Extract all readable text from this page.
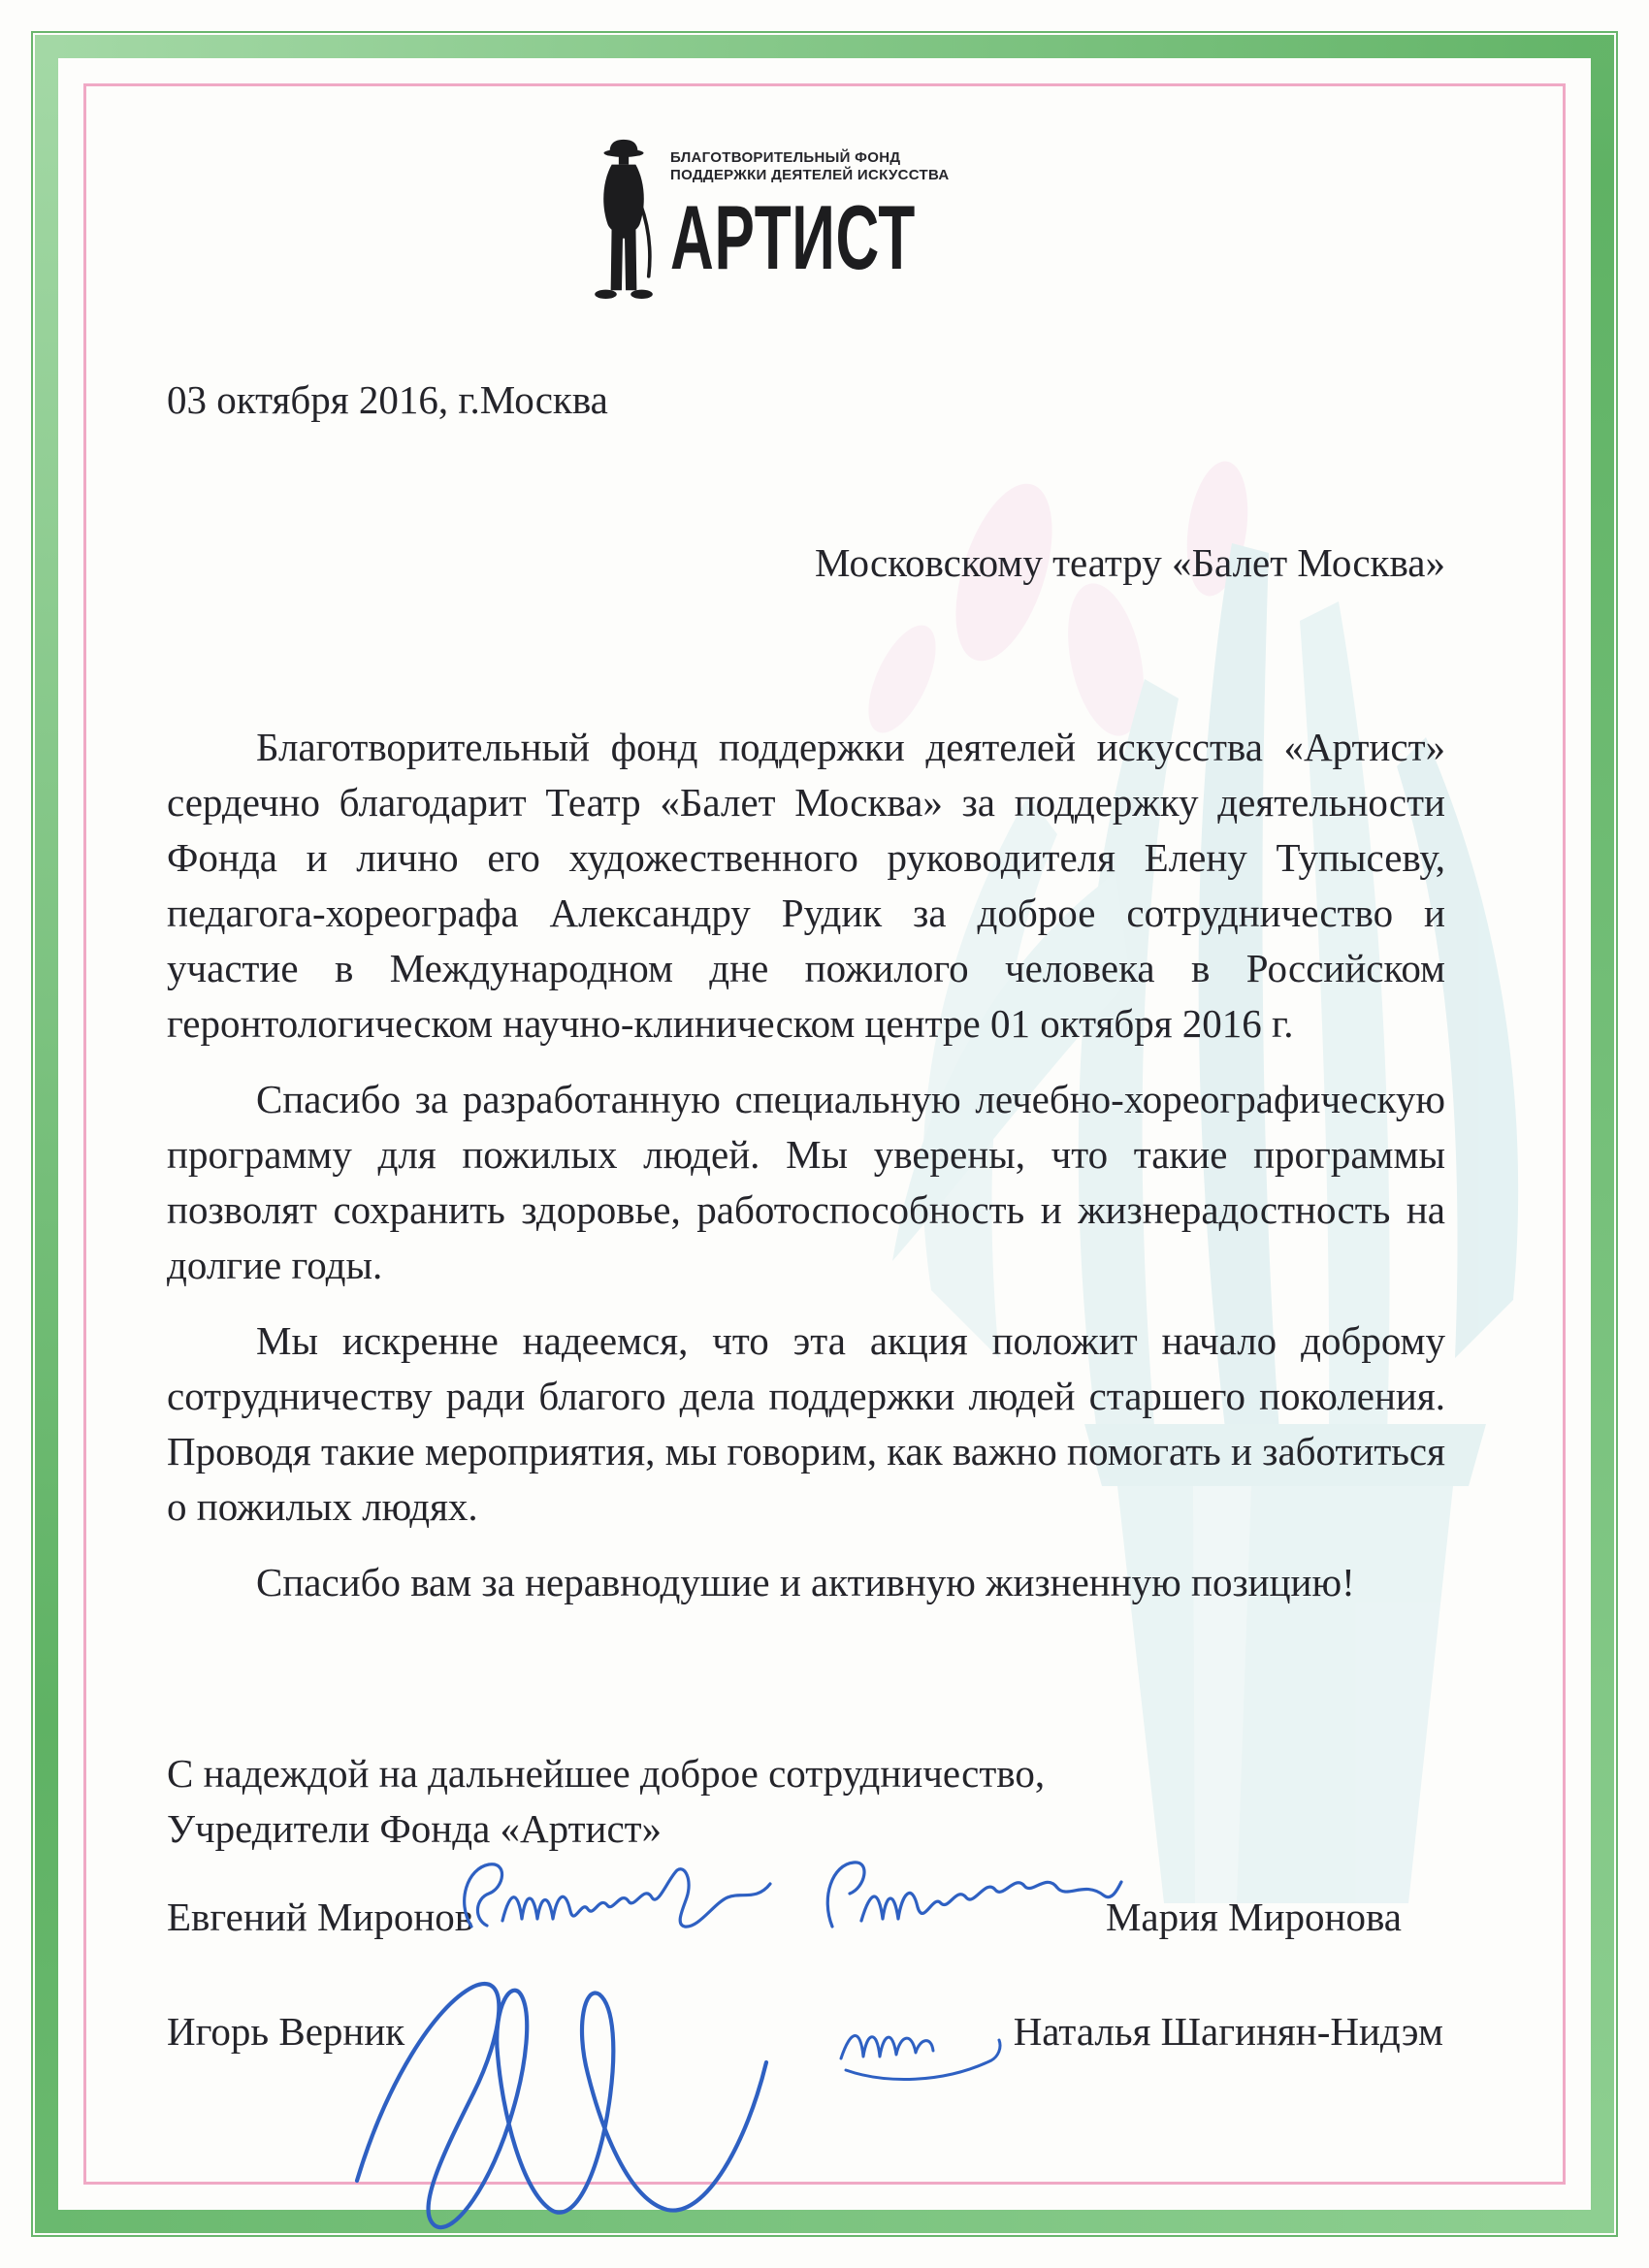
БЛАГОТВОРИТЕЛЬНЫЙ ФОНД
ПОДДЕРЖКИ ДЕЯТЕЛЕЙ ИСКУССТВА
АРТИСТ
03 октября 2016, г.Москва
Московскому театру «Балет Москва»

Благотворительный фонд поддержки деятелей искусства «Артист» сердечно благодарит Театр «Балет Москва» за поддержку деятельности Фонда и лично его художественного руководителя Елену Тупысеву, педагога-хореографа Александру Рудик за доброе сотрудничество и участие в Международном дне пожилого человека в Российском геронтологическом научно-клиническом центре 01 октября 2016 г.

Спасибо за разработанную специальную лечебно-хореографическую программу для пожилых людей. Мы уверены, что такие программы позволят сохранить здоровье, работоспособность и жизнерадостность на долгие годы.

Мы искренне надеемся, что эта акция положит начало доброму сотрудничеству ради благого дела поддержки людей старшего поколения. Проводя такие мероприятия, мы говорим, как важно помогать и заботиться о пожилых людях.

Спасибо вам за неравнодушие и активную жизненную позицию!

С надеждой на дальнейшее доброе сотрудничество,
Учредители Фонда «Артист»
Евгений Миронов	Мария Миронова
Игорь Верник	Наталья Шагинян-Нидэм
